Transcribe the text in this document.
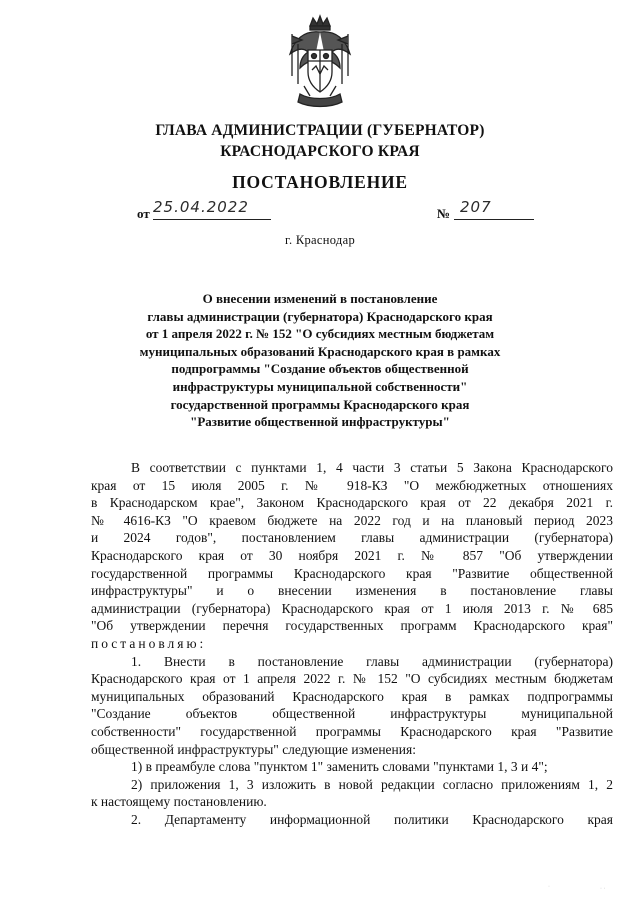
ГЛАВА АДМИНИСТРАЦИИ (ГУБЕРНАТОР)
КРАСНОДАРСКОГО КРАЯ
ПОСТАНОВЛЕНИЕ
от 25.04.2022	№ 207
г. Краснодар
О внесении изменений в постановление
главы администрации (губернатора) Краснодарского края
от 1 апреля 2022 г. № 152 "О субсидиях местным бюджетам
муниципальных образований Краснодарского края в рамках
подпрограммы "Создание объектов общественной
инфраструктуры муниципальной собственности"
государственной программы Краснодарского края
"Развитие общественной инфраструктуры"
В соответствии с пунктами 1, 4 части 3 статьи 5 Закона Краснодарского
края от 15 июля 2005 г. № 918-КЗ "О межбюджетных отношениях
в Краснодарском крае", Законом Краснодарского края от 22 декабря 2021 г.
№ 4616-КЗ "О краевом бюджете на 2022 год и на плановый период 2023
и 2024 годов", постановлением главы администрации (губернатора)
Краснодарского края от 30 ноября 2021 г. № 857 "Об утверждении
государственной программы Краснодарского края "Развитие общественной
инфраструктуры" и о внесении изменения в постановление главы
администрации (губернатора) Краснодарского края от 1 июля 2013 г. № 685
"Об утверждении перечня государственных программ Краснодарского края"
постановляю:
1. Внести в постановление главы администрации (губернатора)
Краснодарского края от 1 апреля 2022 г. № 152 "О субсидиях местным бюджетам
муниципальных образований Краснодарского края в рамках подпрограммы
"Создание объектов общественной инфраструктуры муниципальной
собственности" государственной программы Краснодарского края "Развитие
общественной инфраструктуры" следующие изменения:
1) в преамбуле слова "пунктом 1" заменить словами "пунктами 1, 3 и 4";
2) приложения 1, 3 изложить в новой редакции согласно приложениям 1, 2
к настоящему постановлению.
2. Департаменту информационной политики Краснодарского края
· ·
·
